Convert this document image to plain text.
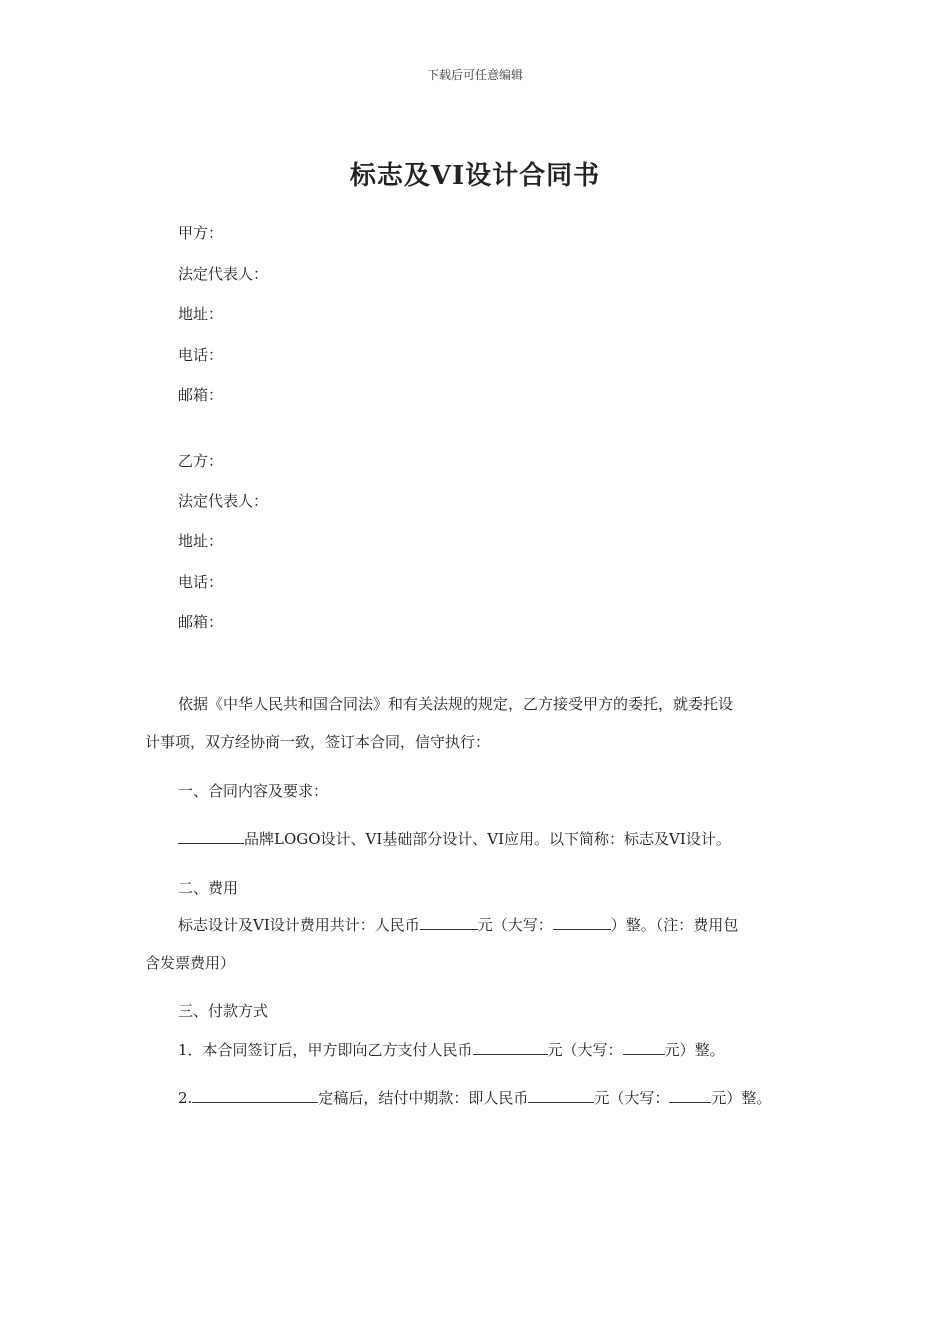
下载后可任意编辑
标志及VI设计合同书
甲方：
法定代表人：
地址：
电话：
邮箱：
乙方：
法定代表人：
地址：
电话：
邮箱：
依据《中华人民共和国合同法》和有关法规的规定，乙方接受甲方的委托，就委托设
计事项，双方经协商一致，签订本合同，信守执行：
一、合同内容及要求：
品牌LOGO设计、VI基础部分设计、VI应用。以下简称：标志及VI设计。
二、费用
标志设计及VI设计费用共计：人民币	元（大写：	）整。（注：费用包
含发票费用）
三、付款方式
1．本合同签订后，甲方即向乙方支付人民币	元（大写：	元）整。
2.	定稿后，结付中期款：即人民币	元（大写：	元）整。
